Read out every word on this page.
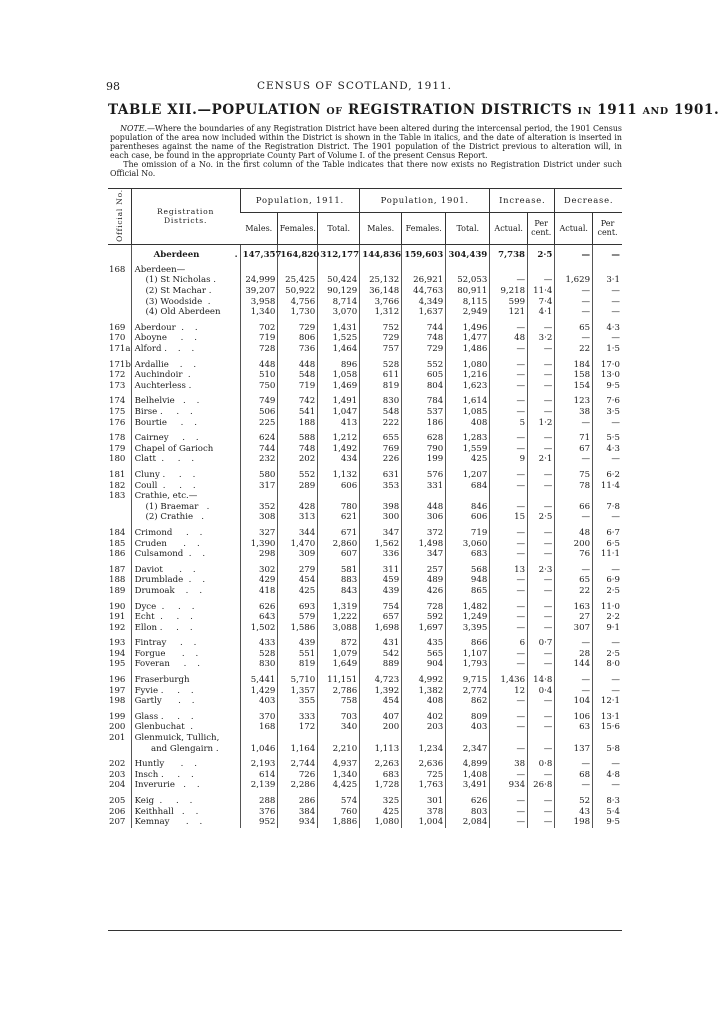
98	CENSUS OF SCOTLAND, 1911.
TABLE XII.—POPULATION OF REGISTRATION DISTRICTS IN 1911 AND 1901.
NOTE.—Where the boundaries of any Registration District have been altered during the intercensal period, the 1901 Census population of the area now included within the District is shown in the Table in italics, and the date of alteration is inserted in parentheses against the name of the Registration District. The 1901 population of the District previous to alteration will, in each case, be found in the appropriate County Part of Volume I. of the present Census Report.
The omission of a No. in the first column of the Table indicates that there now exists no Registration District under such Official No.
Official No.	Registration Districts.	Population, 1911.			Population, 1901.			Increase.		Decrease.	
		Males.	Females.	Total.	Males.	Females.	Total.	Actual.	Per cent.	Actual.	Per cent.
	Aberdeen .	147,357	164,820	312,177	144,836	159,603	304,439	7,738	2·5	—	—
168	Aberdeen—										
	(1) St Nicholas .	24,999	25,425	50,424	25,132	26,921	52,053	—	—	1,629	3·1
	(2) St Machar .	39,207	50,922	90,129	36,148	44,763	80,911	9,218	11·4	—	—
	(3) Woodside  .	3,958	4,756	8,714	3,766	4,349	8,115	599	7·4	—	—
	(4) Old Aberdeen	1,340	1,730	3,070	1,312	1,637	2,949	121	4·1	—	—

169	Aberdour  .    .	702	729	1,431	752	744	1,496	—	—	65	4·3
170	Aboyne     .    .	719	806	1,525	729	748	1,477	48	3·2	—	—
171a	Alford .    .    .	728	736	1,464	757	729	1,486	—	—	22	1·5

171b	Ardallie    .    .	448	448	896	528	552	1,080	—	—	184	17·0
172	Auchindoir  .	510	548	1,058	611	605	1,216	—	—	158	13·0
173	Auchterless .	750	719	1,469	819	804	1,623	—	—	154	9·5

174	Belhelvie   .    .	749	742	1,491	830	784	1,614	—	—	123	7·6
175	Birse .     .    .	506	541	1,047	548	537	1,085	—	—	38	3·5
176	Bourtie     .    .	225	188	413	222	186	408	5	1·2	—	—

178	Cairney     .    .	624	588	1,212	655	628	1,283	—	—	71	5·5
179	Chapel of Garioch	744	748	1,492	769	790	1,559	—	—	67	4·3
180	Clatt  .     .    .	232	202	434	226	199	425	9	2·1	—	—

181	Cluny .     .    .	580	552	1,132	631	576	1,207	—	—	75	6·2
182	Coull  .     .    .	317	289	606	353	331	684	—	—	78	11·4
183	Crathie, etc.—										
	(1) Braemar   .	352	428	780	398	448	846	—	—	66	7·8
	(2) Crathie   .	308	313	621	300	306	606	15	2·5	—	—

184	Crimond     .    .	327	344	671	347	372	719	—	—	48	6·7
185	Cruden      .    .	1,390	1,470	2,860	1,562	1,498	3,060	—	—	200	6·5
186	Culsamond  .    .	298	309	607	336	347	683	—	—	76	11·1

187	Daviot      .    .	302	279	581	311	257	568	13	2·3	—	—
188	Drumblade  .    .	429	454	883	459	489	948	—	—	65	6·9
189	Drumoak    .    .	418	425	843	439	426	865	—	—	22	2·5

190	Dyce  .     .    .	626	693	1,319	754	728	1,482	—	—	163	11·0
191	Echt  .     .    .	643	579	1,222	657	592	1,249	—	—	27	2·2
192	Ellon .     .    .	1,502	1,586	3,088	1,698	1,697	3,395	—	—	307	9·1

193	Fintray     .    .	433	439	872	431	435	866	6	0·7	—	—
194	Forgue      .    .	528	551	1,079	542	565	1,107	—	—	28	2·5
195	Foveran     .    .	830	819	1,649	889	904	1,793	—	—	144	8·0

196	Fraserburgh	5,441	5,710	11,151	4,723	4,992	9,715	1,436	14·8	—	—
197	Fyvie .     .    .	1,429	1,357	2,786	1,392	1,382	2,774	12	0·4	—	—
198	Gartly      .    .	403	355	758	454	408	862	—	—	104	12·1

199	Glass .     .    .	370	333	703	407	402	809	—	—	106	13·1
200	Glenbuchat  .	168	172	340	200	203	403	—	—	63	15·6
201	Glenmuick, Tullich,										
	and Glengairn .	1,046	1,164	2,210	1,113	1,234	2,347	—	—	137	5·8

202	Huntly      .    .	2,193	2,744	4,937	2,263	2,636	4,899	38	0·8	—	—
203	Insch .     .    .	614	726	1,340	683	725	1,408	—	—	68	4·8
204	Inverurie   .    .	2,139	2,286	4,425	1,728	1,763	3,491	934	26·8	—	—

205	Keig  .     .    .	288	286	574	325	301	626	—	—	52	8·3
206	Keithhall   .    .	376	384	760	425	378	803	—	—	43	5·4
207	Kemnay      .    .	952	934	1,886	1,080	1,004	2,084	—	—	198	9·5
